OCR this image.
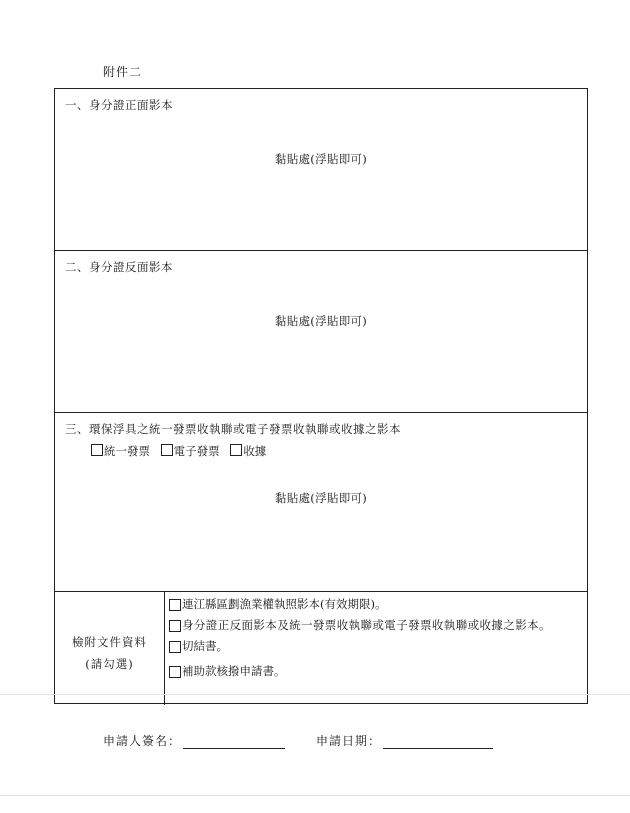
附件二
一、身分證正面影本
黏貼處(浮貼即可)
二、身分證反面影本
黏貼處(浮貼即可)
三、環保浮具之統一發票收執聯或電子發票收執聯或收據之影本
統一發票 電子發票 收據
黏貼處(浮貼即可)
檢附文件資料
(請勾選)
連江縣區劃漁業權執照影本(有效期限)。
身分證正反面影本及統一發票收執聯或電子發票收執聯或收據之影本。
切結書。
補助款核撥申請書。
申請人簽名：	申請日期：
